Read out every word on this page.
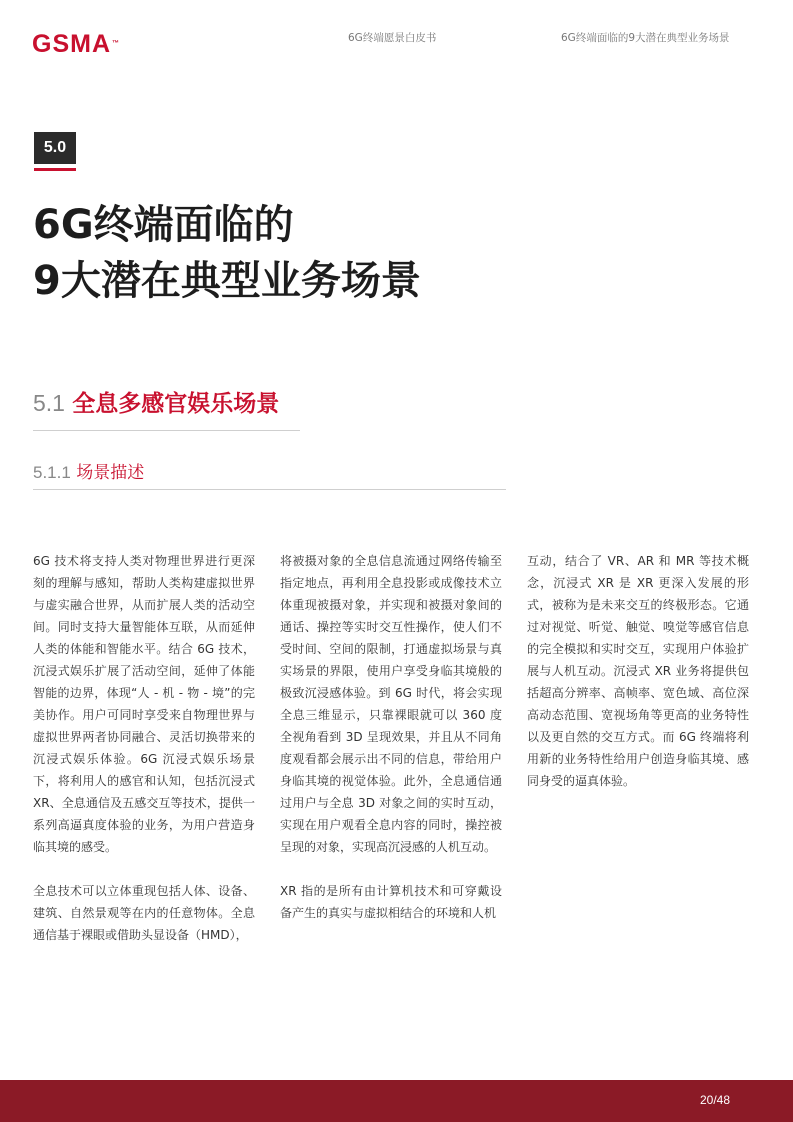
GSMA™	6G终端愿景白皮书	6G终端面临的9大潜在典型业务场景
5.0
6G终端面临的
9大潜在典型业务场景
5.1 全息多感官娱乐场景
5.1.1 场景描述

6G 技术将支持人类对物理世界进行更深刻的理解与感知，帮助人类构建虚拟世界与虚实融合世界，从而扩展人类的活动空间。同时支持大量智能体互联，从而延伸人类的体能和智能水平。结合 6G 技术，沉浸式娱乐扩展了活动空间，延伸了体能智能的边界，体现“人 - 机 - 物 - 境”的完美协作。用户可同时享受来自物理世界与虚拟世界两者协同融合、灵活切换带来的沉浸式娱乐体验。6G 沉浸式娱乐场景下，将利用人的感官和认知，包括沉浸式 XR、全息通信及五感交互等技术，提供一系列高逼真度体验的业务，为用户营造身临其境的感受。

全息技术可以立体重现包括人体、设备、建筑、自然景观等在内的任意物体。全息通信基于裸眼或借助头显设备（HMD），

将被摄对象的全息信息流通过网络传输至指定地点，再利用全息投影或成像技术立体重现被摄对象，并实现和被摄对象间的通话、操控等实时交互性操作，使人们不受时间、空间的限制，打通虚拟场景与真实场景的界限，使用户享受身临其境般的极致沉浸感体验。到 6G 时代，将会实现全息三维显示，只靠裸眼就可以 360 度全视角看到 3D 呈现效果，并且从不同角度观看都会展示出不同的信息，带给用户身临其境的视觉体验。此外，全息通信通过用户与全息 3D 对象之间的实时互动，实现在用户观看全息内容的同时，操控被呈现的对象，实现高沉浸感的人机互动。

XR 指的是所有由计算机技术和可穿戴设备产生的真实与虚拟相结合的环境和人机

互动，结合了 VR、AR 和 MR 等技术概念，沉浸式 XR 是 XR 更深入发展的形式，被称为是未来交互的终极形态。它通过对视觉、听觉、触觉、嗅觉等感官信息的完全模拟和实时交互，实现用户体验扩展与人机互动。沉浸式 XR 业务将提供包括超高分辨率、高帧率、宽色域、高位深高动态范围、宽视场角等更高的业务特性以及更自然的交互方式。而 6G 终端将利用新的业务特性给用户创造身临其境、感同身受的逼真体验。

20/48
